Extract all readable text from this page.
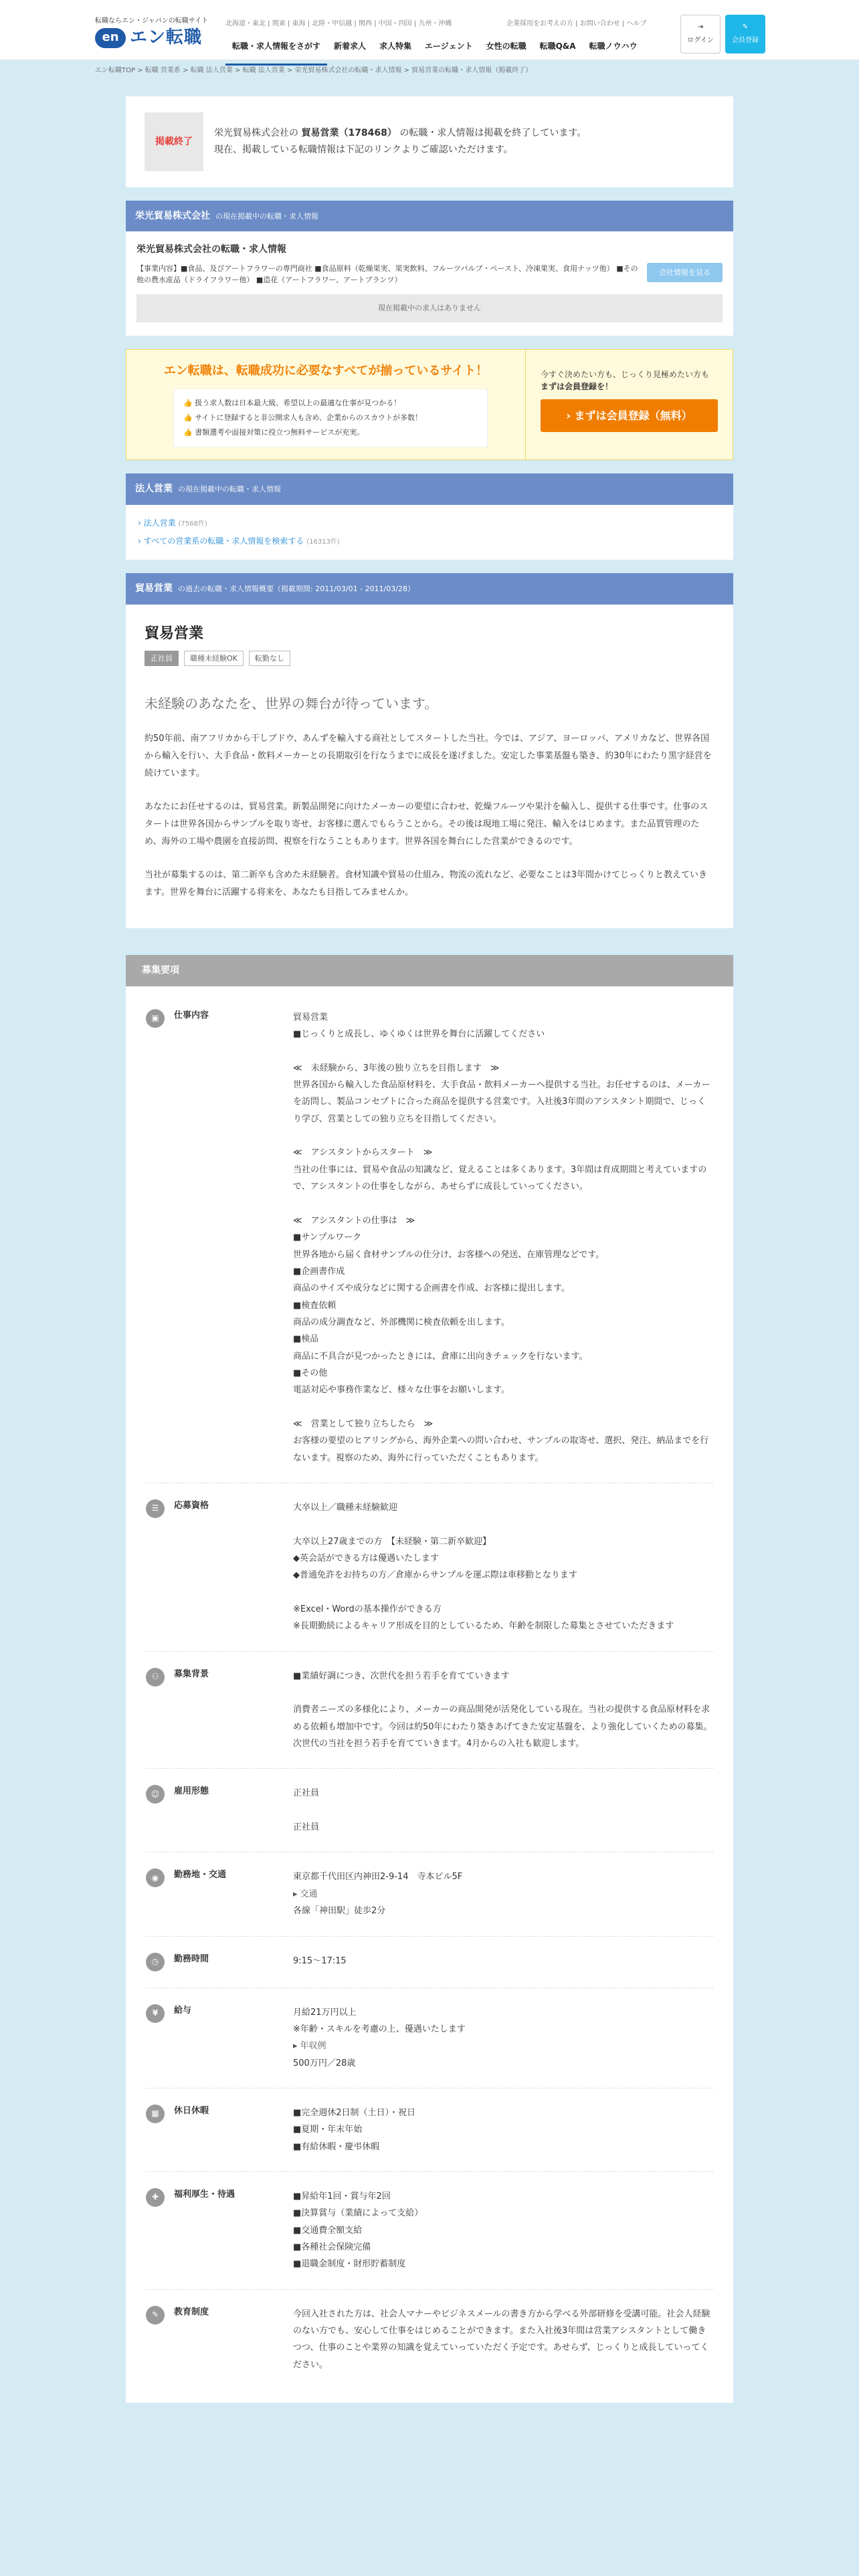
転職ならエン・ジャパンの転職サイト
en エン転職
北海道・東北 | 関東 | 東海 | 北陸・甲信越 | 関西 | 中国・四国 | 九州・沖縄	企業採用をお考えの方 | お問い合わせ | ヘルプ
転職・求人情報をさがす	新着求人	求人特集	エージェント	女性の転職	転職Q&A	転職ノウハウ
⇥
ログイン
✎
会員登録
エン転職TOP > 転職 営業系 > 転職 法人営業 > 転職 法人営業 > 栄光貿易株式会社の転職・求人情報 > 貿易営業の転職・求人情報（掲載終了）
掲載終了
栄光貿易株式会社の 貿易営業（178468） の転職・求人情報は掲載を終了しています。
現在、掲載している転職情報は下記のリンクよりご確認いただけます。
栄光貿易株式会社 の現在掲載中の転職・求人情報
栄光貿易株式会社の転職・求人情報
【事業内容】■食品、及びアートフラワーの専門商社 ■食品原料（乾燥果実、果実飲料、フルーツパルプ・ペースト、冷凍果実、食用ナッツ他） ■その他の農水産品（ドライフラワー他） ■造花（アートフラワー、アートプランツ）
会社情報を見る
現在掲載中の求人はありません
エン転職は、転職成功に必要なすべてが揃っているサイト！
👍 扱う求人数は日本最大級。希望以上の最適な仕事が見つかる！
👍 サイトに登録すると非公開求人も含め、企業からのスカウトが多数！
👍 書類選考や面接対策に役立つ無料サービスが充実。

今すぐ決めたい方も、じっくり見極めたい方も

まずは会員登録を！

› まずは会員登録（無料）
法人営業 の現在掲載中の転職・求人情報
› 法人営業 (7568件)
› すべての営業系の転職・求人情報を検索する (16313件)
貿易営業 の過去の転職・求人情報概要（掲載期間: 2011/03/01 - 2011/03/28）
貿易営業
正社員	職種未経験OK	転勤なし
未経験のあなたを、世界の舞台が待っています。

約50年前、南アフリカから干しブドウ、あんずを輸入する商社としてスタートした当社。今では、アジア、ヨーロッパ、アメリカなど、世界各国から輸入を行い、大手食品・飲料メーカーとの長期取引を行なうまでに成長を遂げました。安定した事業基盤も築き、約30年にわたり黒字経営を続けています。

あなたにお任せするのは、貿易営業。新製品開発に向けたメーカーの要望に合わせ、乾燥フルーツや果汁を輸入し、提供する仕事です。仕事のスタートは世界各国からサンプルを取り寄せ、お客様に選んでもらうことから。その後は現地工場に発注、輸入をはじめます。また品質管理のため、海外の工場や農園を直接訪問、視察を行なうこともあります。世界各国を舞台にした営業ができるのです。

当社が募集するのは、第二新卒も含めた未経験者。食材知識や貿易の仕組み、物流の流れなど、必要なことは3年間かけてじっくりと教えていきます。世界を舞台に活躍する将来を、あなたも目指してみませんか。

募集要項
▣	仕事内容	貿易営業
■じっくりと成長し、ゆくゆくは世界を舞台に活躍してください

≪　未経験から、3年後の独り立ちを目指します　≫
世界各国から輸入した食品原材料を、大手食品・飲料メーカーへ提供する当社。お任せするのは、メーカーを訪問し、製品コンセプトに合った商品を提供する営業です。入社後3年間のアシスタント期間で、じっくり学び、営業としての独り立ちを目指してください。

≪　アシスタントからスタート　≫
当社の仕事には、貿易や食品の知識など、覚えることは多くあります。3年間は育成期間と考えていますので、アシスタントの仕事をしながら、あせらずに成長していってください。

≪　アシスタントの仕事は　≫
■サンプルワーク
世界各地から届く食材サンプルの仕分け、お客様への発送、在庫管理などです。
■企画書作成
商品のサイズや成分などに関する企画書を作成、お客様に提出します。
■検査依頼
商品の成分調査など、外部機関に検査依頼を出します。
■検品
商品に不具合が見つかったときには、倉庫に出向きチェックを行ないます。
■その他
電話対応や事務作業など、様々な仕事をお願いします。

≪　営業として独り立ちしたら　≫
お客様の要望のヒアリングから、海外企業への問い合わせ、サンプルの取寄せ、選択、発注、納品までを行ないます。視察のため、海外に行っていただくこともあります。
☰	応募資格	大卒以上／職種未経験歓迎

大卒以上27歳までの方　【未経験・第二新卒歓迎】
◆英会話ができる方は優遇いたします
◆普通免許をお持ちの方／倉庫からサンプルを運ぶ際は車移動となります

※Excel・Wordの基本操作ができる方
※長期勤続によるキャリア形成を目的としているため、年齢を制限した募集とさせていただきます
⚇	募集背景	■業績好調につき、次世代を担う若手を育てていきます

消費者ニーズの多様化により、メーカーの商品開発が活発化している現在。当社の提供する食品原材料を求める依頼も増加中です。今回は約50年にわたり築きあげてきた安定基盤を、より強化していくための募集。次世代の当社を担う若手を育てていきます。4月からの入社も歓迎します。
☺	雇用形態	正社員

正社員
◉	勤務地・交通	東京都千代田区内神田2-9-14　寺本ビル5F
▸ 交通
各線「神田駅」徒歩2分
◷	勤務時間	9:15～17:15
¥	給与	月給21万円以上
※年齢・スキルを考慮の上、優遇いたします
▸ 年収例
500万円／28歳
▦	休日休暇	■完全週休2日制（土日）・祝日
■夏期・年末年始
■有給休暇・慶弔休暇
✚	福利厚生・待遇	■昇給年1回・賞与年2回
■決算賞与（業績によって支給）
■交通費全額支給
■各種社会保険完備
■退職金制度・財形貯蓄制度
✎	教育制度	今回入社された方は、社会人マナーやビジネスメールの書き方から学べる外部研修を受講可能。社会人経験のない方でも、安心して仕事をはじめることができます。また入社後3年間は営業アシスタントとして働きつつ、仕事のことや業界の知識を覚えていっていただく予定です。あせらず、じっくりと成長していってください。
